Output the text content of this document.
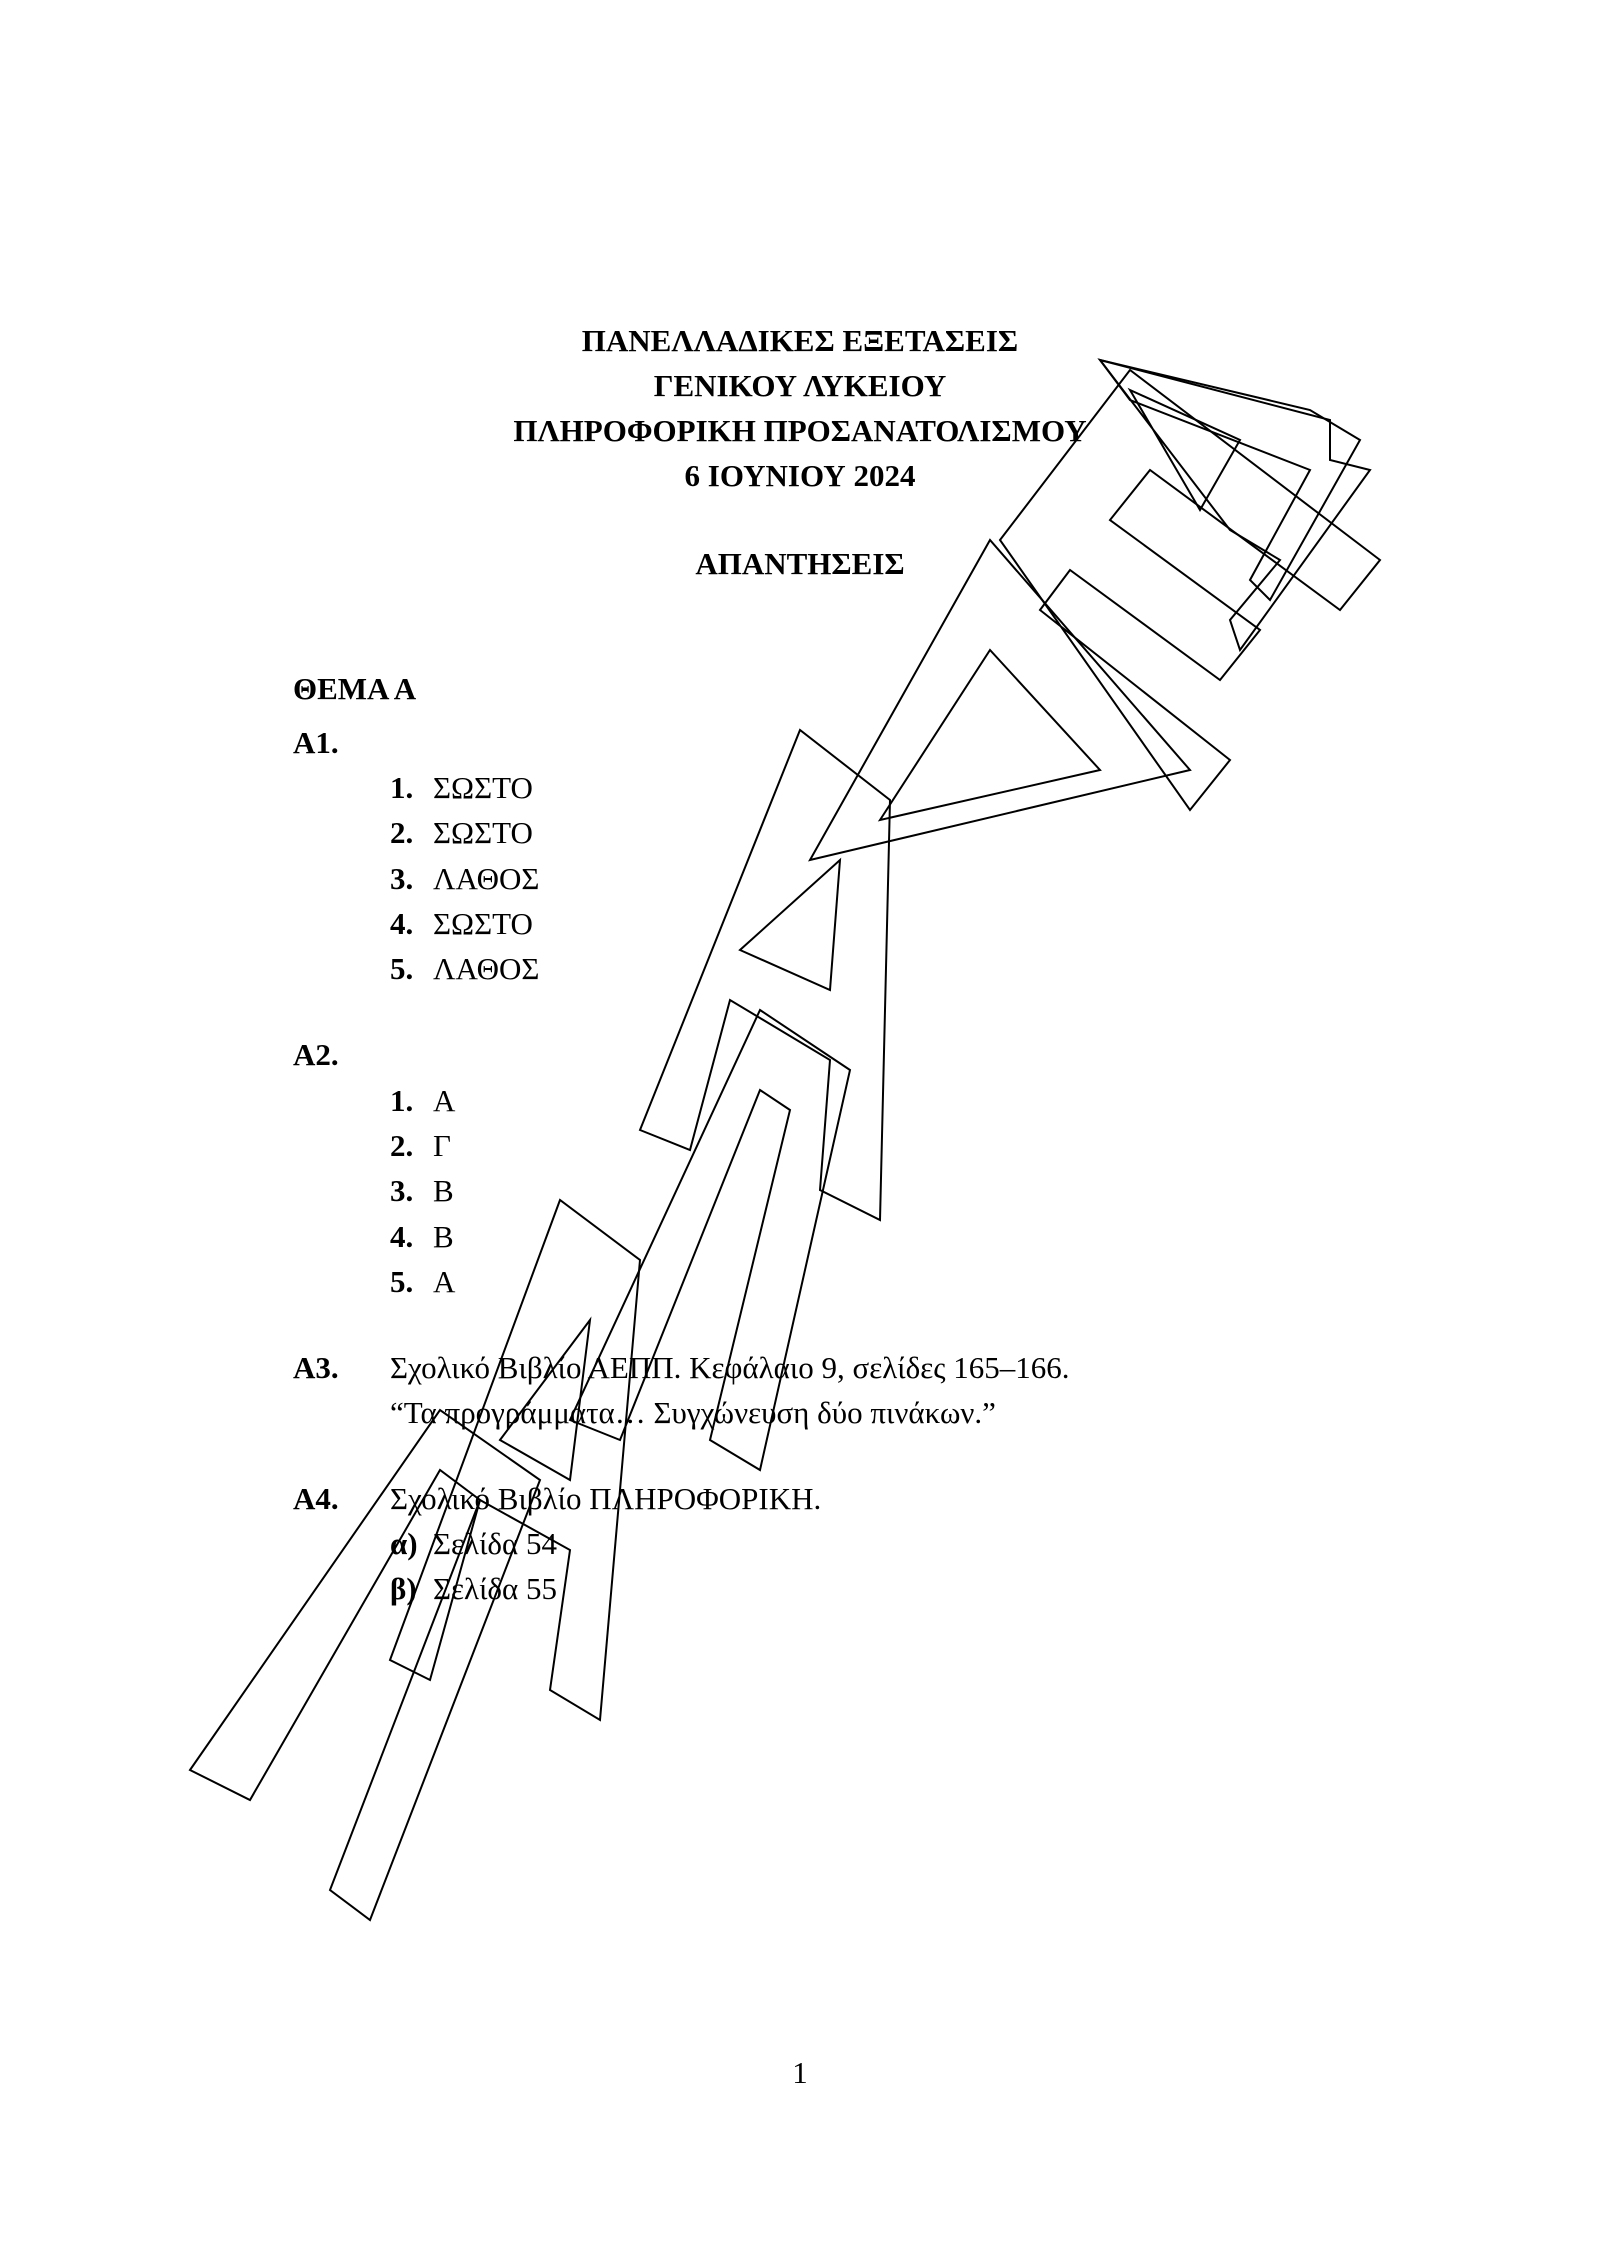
ΠΑΝΕΛΛΑΔΙΚΕΣ ΕΞΕΤΑΣΕΙΣ
ΓΕΝΙΚΟΥ ΛΥΚΕΙΟΥ
ΠΛΗΡΟΦΟΡΙΚΗ ΠΡΟΣΑΝΑΤΟΛΙΣΜΟΥ
6 ΙΟΥΝΙΟΥ 2024
ΑΠΑΝΤΗΣΕΙΣ
ΘΕΜΑ Α
Α1.
1. ΣΩΣΤΟ
2. ΣΩΣΤΟ
3. ΛΑΘΟΣ
4. ΣΩΣΤΟ
5. ΛΑΘΟΣ
Α2.
1. Α
2. Γ
3. Β
4. Β
5. Α
Α3. Σχολικό Βιβλίο ΑΕΠΠ. Κεφάλαιο 9, σελίδες 165–166.
“Τα προγράμματα… Συγχώνευση δύο πινάκων.”
Α4. Σχολικό Βιβλίο ΠΛΗΡΟΦΟΡΙΚΗ.
α) Σελίδα 54
β) Σελίδα 55
1
